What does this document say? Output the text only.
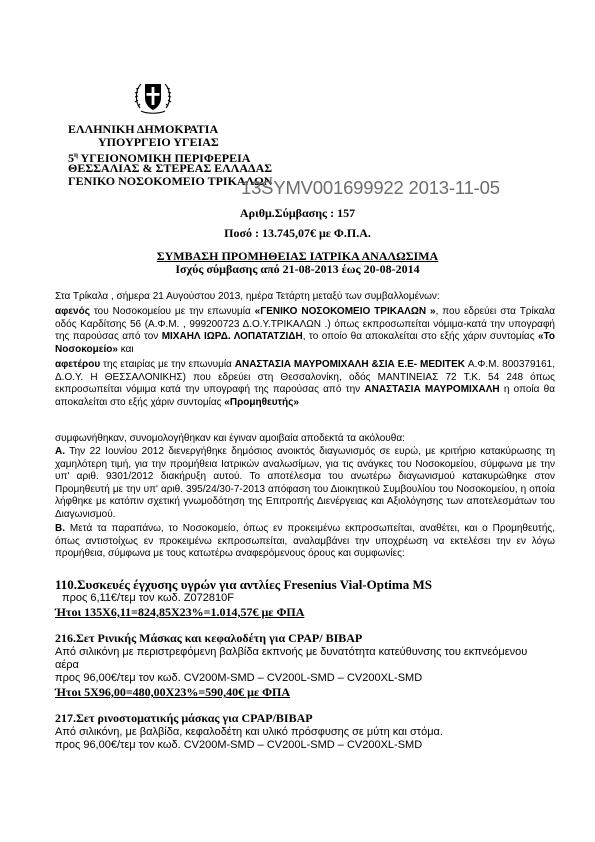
ΕΛΛΗΝΙΚΗ ΔΗΜΟΚΡΑΤΙΑ
ΥΠΟΥΡΓΕΙΟ ΥΓΕΙΑΣ
$5^\eta$ ΥΓΕΙΟΝΟΜΙΚΗ ΠΕΡΙΦΕΡΕΙΑ
ΘΕΣΣΑΛΙΑΣ & ΣΤΕΡΕΑΣ ΕΛΛΑΔΑΣ
ΓΕΝΙΚΟ ΝΟΣΟΚΟΜΕΙΟ ΤΡΙΚΑΛΩΝ
13SYMV001699922 2013-11-05
Αριθμ.Σύμβασης : 157
Ποσό : 13.745,07€ με Φ.Π.Α.
ΣΥΜΒΑΣΗ ΠΡΟΜΗΘΕΙΑΣ ΙΑΤΡΙΚΑ ΑΝΑΛΩΣΙΜΑ
Ισχύς σύμβασης από 21-08-2013 έως 20-08-2014

Στα Τρίκαλα , σήμερα 21 Αυγούστου 2013, ημέρα Τετάρτη μεταξύ των συμβαλλομένων:

αφενός του Νοσοκομείου με την επωνυμία «ΓΕΝΙΚΟ ΝΟΣΟΚΟΜΕΙΟ ΤΡΙΚΑΛΩΝ », που εδρεύει στα Τρίκαλα οδός Καρδίτσης 56 (Α.Φ.Μ. , 999200723 Δ.Ο.Υ.ΤΡΙΚΑΛΩΝ .) όπως εκπροσωπείται νόμιμα-κατά την υπογραφή της παρούσας από τον ΜΙΧΑΗΛ ΙΩΡΔ. ΛΟΠΑΤΑΤΖΙΔΗ, το οποίο θα αποκαλείται στο εξής χάριν συντομίας «Το Νοσοκομείο» και

αφετέρου της εταιρίας με την επωνυμία ΑΝΑΣΤΑΣΙΑ ΜΑΥΡΟΜΙΧΑΛΗ &ΣΙΑ Ε.Ε- MEDITEK Α.Φ.Μ. 800379161, Δ.Ο.Υ. Η ΘΕΣΣΑΛΟΝΙΚΗΣ) που εδρεύει στη Θεσσαλονίκη, οδός ΜΑΝΤΙΝΕΙΑΣ 72 Τ.Κ. 54 248 όπως εκπροσωπείται νόμιμα κατά την υπογραφή της παρούσας από την ΑΝΑΣΤΑΣΙΑ ΜΑΥΡΟΜΙΧΑΛΗ η οποία θα αποκαλείται στο εξής χάριν συντομίας «Προμηθευτής»

συμφωνήθηκαν, συνομολογήθηκαν και έγιναν αμοιβαία αποδεκτά τα ακόλουθα:

Α. Την 22 Ιουνίου 2012 διενεργήθηκε δημόσιος ανοικτός διαγωνισμός σε ευρώ, με κριτήριο κατακύρωσης τη χαμηλότερη τιμή, για την προμήθεια Ιατρικών αναλωσίμων, για τις ανάγκες του Νοσοκομείου, σύμφωνα με την υπ' αριθ. 9301/2012 διακήρυξη αυτού. Το αποτέλεσμα του ανωτέρω διαγωνισμού κατακυρώθηκε στον Προμηθευτή με την υπ' αριθ. 395/24/30-7-2013 απόφαση του Διοικητικού Συμβουλίου του Νοσοκομείου, η οποία λήφθηκε με κατόπιν σχετική γνωμοδότηση της Επιτροπής Διενέργειας και Αξιολόγησης των αποτελεσμάτων του Διαγωνισμού.

Β. Μετά τα παραπάνω, το Νοσοκομείο, όπως εν προκειμένω εκπροσωπείται, αναθέτει, και ο Προμηθευτής, όπως αντιστοίχως εν προκειμένω εκπροσωπείται, αναλαμβάνει την υποχρέωση να εκτελέσει την εν λόγω προμήθεια, σύμφωνα με τους κατωτέρω αναφερόμενους όρους και συμφωνίες:

110.Συσκευές έγχυσης υγρών για αντλίες Fresenius Vial-Optima MS
προς 6,11€/τεμ τον κωδ. Z072810F
Ήτοι 135Χ6,11=824,85Χ23%=1.014,57€ με ΦΠΑ
216.Σετ Ρινικής Μάσκας και κεφαλοδέτη για CPAP/ BIBAP
Από σιλικόνη με περιστρεφόμενη βαλβίδα εκπνοής με δυνατότητα κατεύθυνσης του εκπνεόμενου
αέρα
προς 96,00€/τεμ τον κωδ. CV200M-SMD – CV200L-SMD – CV200XL-SMD
Ήτοι 5Χ96,00=480,00Χ23%=590,40€ με ΦΠΑ
217.Σετ ρινοστοματικής μάσκας για CPAP/BIBAP
Από σιλικόνη, με βαλβίδα, κεφαλοδέτη και υλικό πρόσφυσης σε μύτη και στόμα.
προς 96,00€/τεμ τον κωδ. CV200M-SMD – CV200L-SMD – CV200XL-SMD
